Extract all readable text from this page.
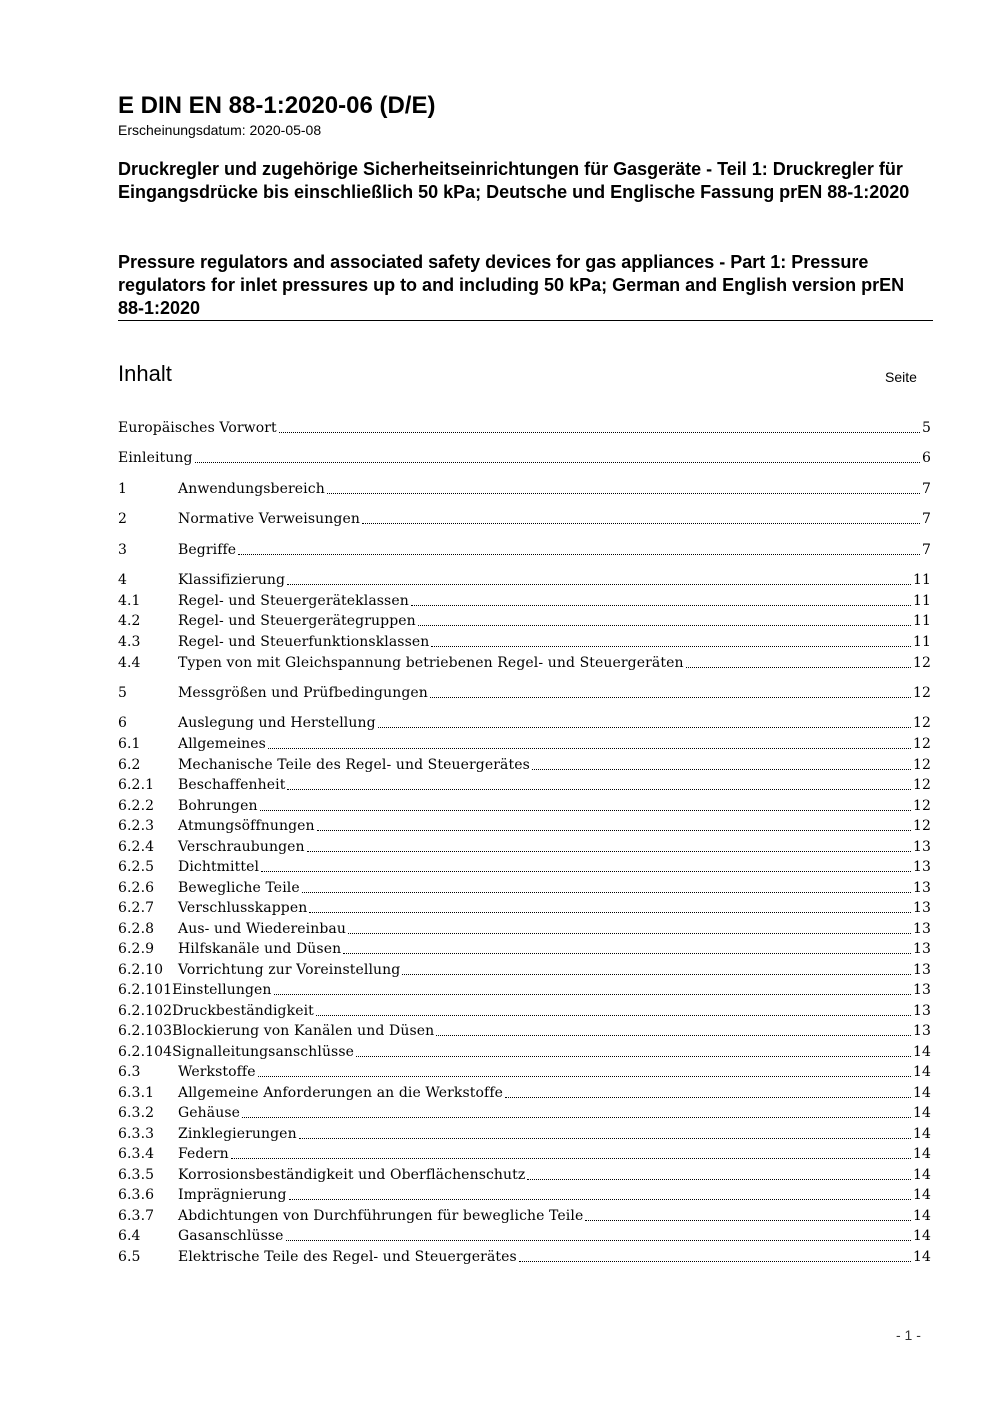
E DIN EN 88-1:2020-06 (D/E)
Erscheinungsdatum: 2020-05-08
Druckregler und zugehörige Sicherheitseinrichtungen für Gasgeräte - Teil 1: Druckregler für Eingangsdrücke bis einschließlich 50 kPa; Deutsche und Englische Fassung prEN 88-1:2020
Pressure regulators and associated safety devices for gas appliances - Part 1: Pressure regulators for inlet pressures up to and including 50 kPa; German and English version prEN 88-1:2020
Inhalt	Seite
Europäisches Vorwort	5
Einleitung	6
1	Anwendungsbereich	7
2	Normative Verweisungen	7
3	Begriffe	7
4	Klassifizierung	11
4.1	Regel- und Steuergeräteklassen	11
4.2	Regel- und Steuergerätegruppen	11
4.3	Regel- und Steuerfunktionsklassen	11
4.4	Typen von mit Gleichspannung betriebenen Regel- und Steuergeräten	12
5	Messgrößen und Prüfbedingungen	12
6	Auslegung und Herstellung	12
6.1	Allgemeines	12
6.2	Mechanische Teile des Regel- und Steuergerätes	12
6.2.1	Beschaffenheit	12
6.2.2	Bohrungen	12
6.2.3	Atmungsöffnungen	12
6.2.4	Verschraubungen	13
6.2.5	Dichtmittel	13
6.2.6	Bewegliche Teile	13
6.2.7	Verschlusskappen	13
6.2.8	Aus- und Wiedereinbau	13
6.2.9	Hilfskanäle und Düsen	13
6.2.10	Vorrichtung zur Voreinstellung	13
6.2.101 Einstellungen	13
6.2.102 Druckbeständigkeit	13
6.2.103 Blockierung von Kanälen und Düsen	13
6.2.104 Signalleitungsanschlüsse	14
6.3	Werkstoffe	14
6.3.1	Allgemeine Anforderungen an die Werkstoffe	14
6.3.2	Gehäuse	14
6.3.3	Zinklegierungen	14
6.3.4	Federn	14
6.3.5	Korrosionsbeständigkeit und Oberflächenschutz	14
6.3.6	Imprägnierung	14
6.3.7	Abdichtungen von Durchführungen für bewegliche Teile	14
6.4	Gasanschlüsse	14
6.5	Elektrische Teile des Regel- und Steuergerätes	14
- 1 -
